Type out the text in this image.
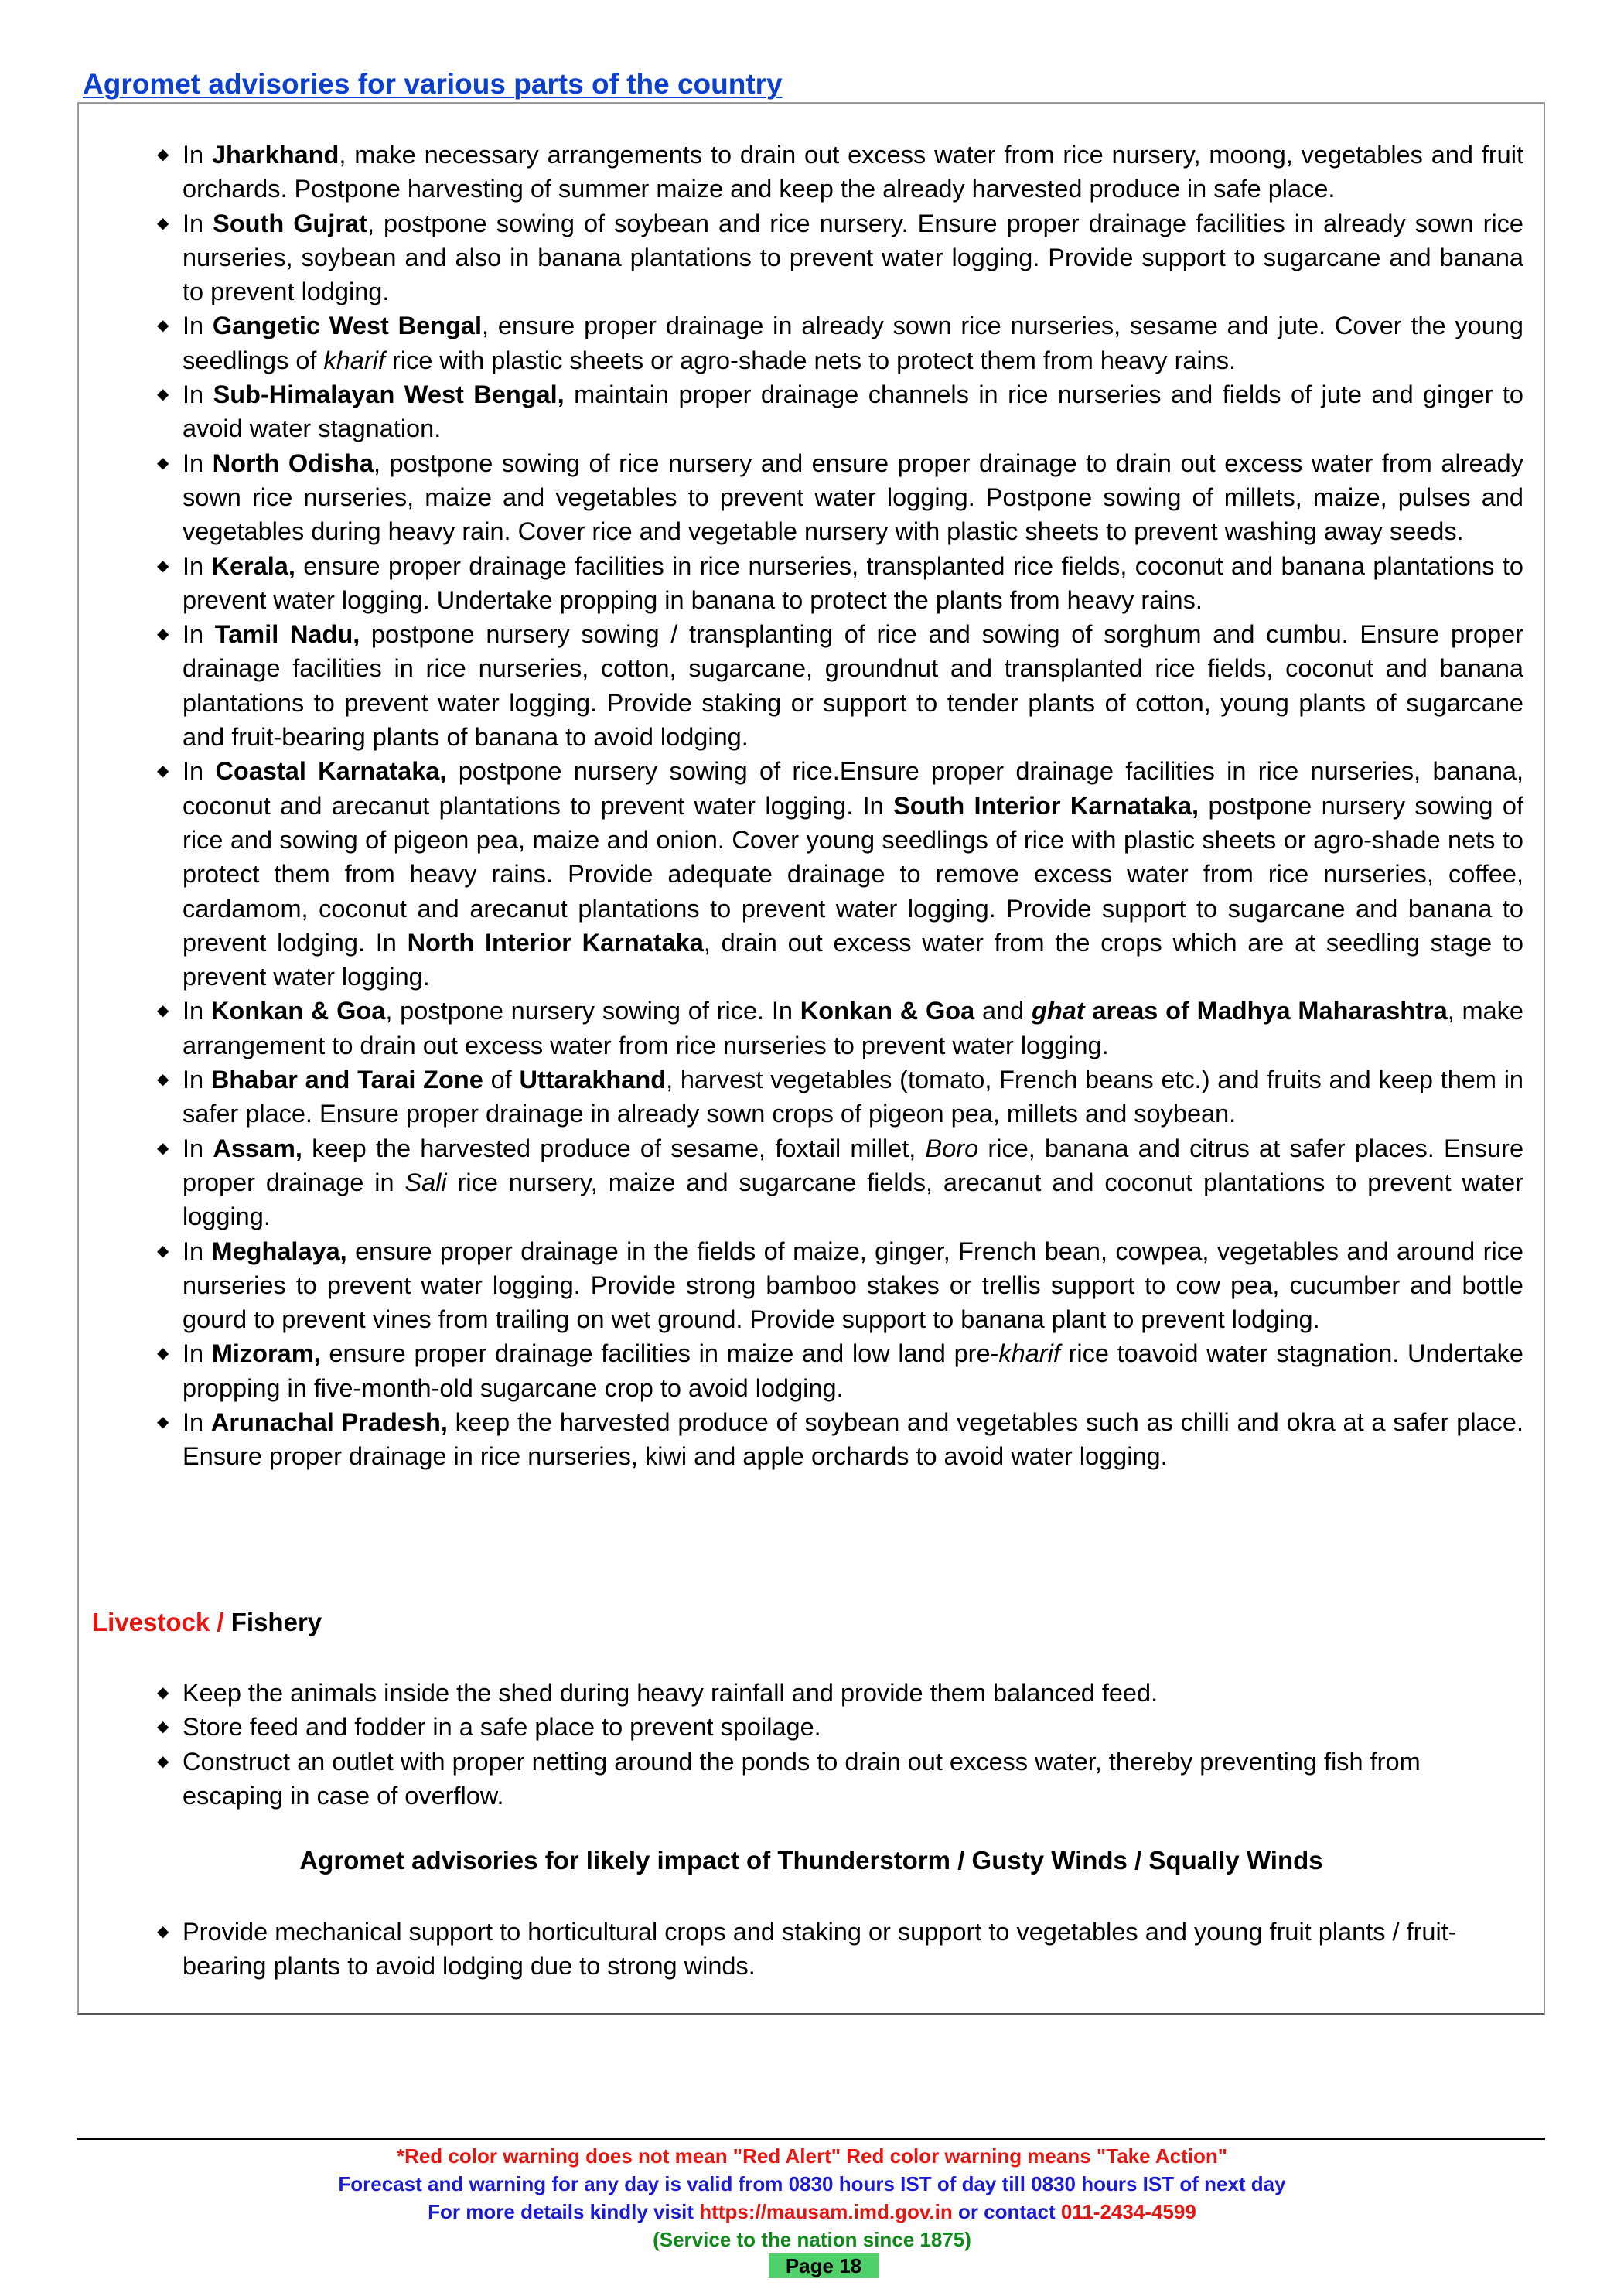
Agromet advisories for various parts of the country
◆ In Jharkhand, make necessary arrangements to drain out excess water from rice nursery, moong, vegetables and fruit orchards. Postpone harvesting of summer maize and keep the already harvested produce in safe place.
◆ In South Gujrat, postpone sowing of soybean and rice nursery. Ensure proper drainage facilities in already sown rice nurseries, soybean and also in banana plantations to prevent water logging. Provide support to sugarcane and banana to prevent lodging.
◆ In Gangetic West Bengal, ensure proper drainage in already sown rice nurseries, sesame and jute. Cover the young seedlings of kharif rice with plastic sheets or agro-shade nets to protect them from heavy rains.
◆ In Sub-Himalayan West Bengal, maintain proper drainage channels in rice nurseries and fields of jute and ginger to avoid water stagnation.
◆ In North Odisha, postpone sowing of rice nursery and ensure proper drainage to drain out excess water from already sown rice nurseries, maize and vegetables to prevent water logging. Postpone sowing of millets, maize, pulses and vegetables during heavy rain. Cover rice and vegetable nursery with plastic sheets to prevent washing away seeds.
◆ In Kerala, ensure proper drainage facilities in rice nurseries, transplanted rice fields, coconut and banana plantations to prevent water logging. Undertake propping in banana to protect the plants from heavy rains.
◆ In Tamil Nadu, postpone nursery sowing / transplanting of rice and sowing of sorghum and cumbu. Ensure proper drainage facilities in rice nurseries, cotton, sugarcane, groundnut and transplanted rice fields, coconut and banana plantations to prevent water logging. Provide staking or support to tender plants of cotton, young plants of sugarcane and fruit-bearing plants of banana to avoid lodging.
◆ In Coastal Karnataka, postpone nursery sowing of rice.Ensure proper drainage facilities in rice nurseries, banana, coconut and arecanut plantations to prevent water logging. In South Interior Karnataka, postpone nursery sowing of rice and sowing of pigeon pea, maize and onion. Cover young seedlings of rice with plastic sheets or agro-shade nets to protect them from heavy rains. Provide adequate drainage to remove excess water from rice nurseries, coffee, cardamom, coconut and arecanut plantations to prevent water logging. Provide support to sugarcane and banana to prevent lodging. In North Interior Karnataka, drain out excess water from the crops which are at seedling stage to prevent water logging.
◆ In Konkan & Goa, postpone nursery sowing of rice. In Konkan & Goa and ghat areas of Madhya Maharashtra, make arrangement to drain out excess water from rice nurseries to prevent water logging.
◆ In Bhabar and Tarai Zone of Uttarakhand, harvest vegetables (tomato, French beans etc.) and fruits and keep them in safer place. Ensure proper drainage in already sown crops of pigeon pea, millets and soybean.
◆ In Assam, keep the harvested produce of sesame, foxtail millet, Boro rice, banana and citrus at safer places. Ensure proper drainage in Sali rice nursery, maize and sugarcane fields, arecanut and coconut plantations to prevent water logging.
◆ In Meghalaya, ensure proper drainage in the fields of maize, ginger, French bean, cowpea, vegetables and around rice nurseries to prevent water logging. Provide strong bamboo stakes or trellis support to cow pea, cucumber and bottle gourd to prevent vines from trailing on wet ground. Provide support to banana plant to prevent lodging.
◆ In Mizoram, ensure proper drainage facilities in maize and low land pre-kharif rice toavoid water stagnation. Undertake propping in five-month-old sugarcane crop to avoid lodging.
◆ In Arunachal Pradesh, keep the harvested produce of soybean and vegetables such as chilli and okra at a safer place. Ensure proper drainage in rice nurseries, kiwi and apple orchards to avoid water logging.

Livestock / Fishery

◆ Keep the animals inside the shed during heavy rainfall and provide them balanced feed.
◆ Store feed and fodder in a safe place to prevent spoilage.
◆ Construct an outlet with proper netting around the ponds to drain out excess water, thereby preventing fish from escaping in case of overflow.

Agromet advisories for likely impact of Thunderstorm / Gusty Winds / Squally Winds

◆ Provide mechanical support to horticultural crops and staking or support to vegetables and young fruit plants / fruit-bearing plants to avoid lodging due to strong winds.
*Red color warning does not mean "Red Alert" Red color warning means "Take Action"
Forecast and warning for any day is valid from 0830 hours IST of day till 0830 hours IST of next day
For more details kindly visit https://mausam.imd.gov.in or contact 011-2434-4599
(Service to the nation since 1875)
Page 18
